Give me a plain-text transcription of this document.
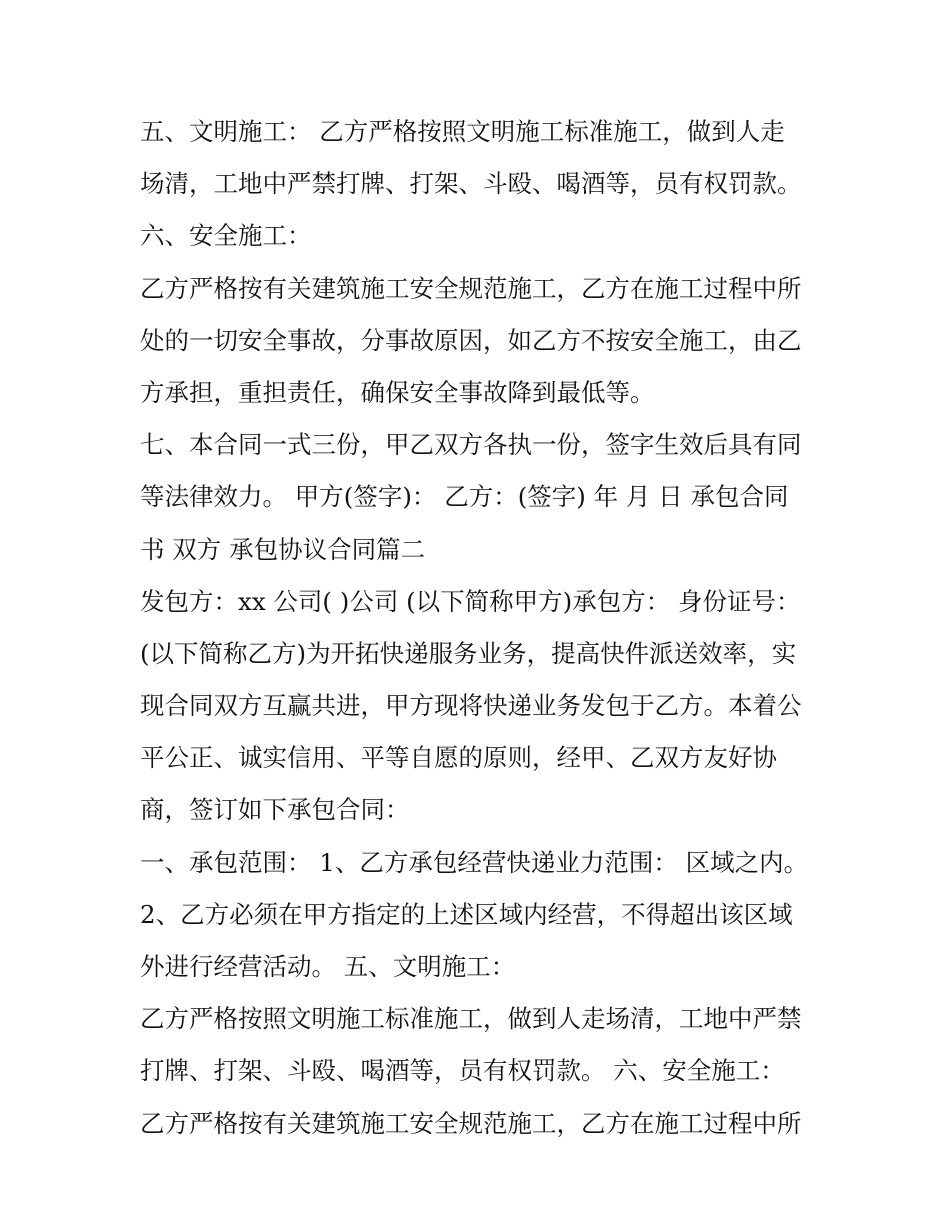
五、文明施工： 乙方严格按照文明施工标准施工，做到人走
场清，工地中严禁打牌、打架、斗殴、喝酒等，员有权罚款。
六、安全施工：
乙方严格按有关建筑施工安全规范施工，乙方在施工过程中所
处的一切安全事故，分事故原因，如乙方不按安全施工，由乙
方承担，重担责任，确保安全事故降到最低等。
七、本合同一式三份，甲乙双方各执一份，签字生效后具有同
等法律效力。 甲方(签字)： 乙方：(签字) 年 月 日 承包合同
书 双方 承包协议合同篇二
发包方：xx 公司( )公司 (以下简称甲方)承包方： 身份证号：
(以下简称乙方)为开拓快递服务业务，提高快件派送效率，实
现合同双方互赢共进，甲方现将快递业务发包于乙方。本着公
平公正、诚实信用、平等自愿的原则，经甲、乙双方友好协
商，签订如下承包合同：
一、承包范围： 1、乙方承包经营快递业力范围： 区域之内。
2、乙方必须在甲方指定的上述区域内经营，不得超出该区域
外进行经营活动。 五、文明施工：
乙方严格按照文明施工标准施工，做到人走场清，工地中严禁
打牌、打架、斗殴、喝酒等，员有权罚款。 六、安全施工：
乙方严格按有关建筑施工安全规范施工，乙方在施工过程中所
